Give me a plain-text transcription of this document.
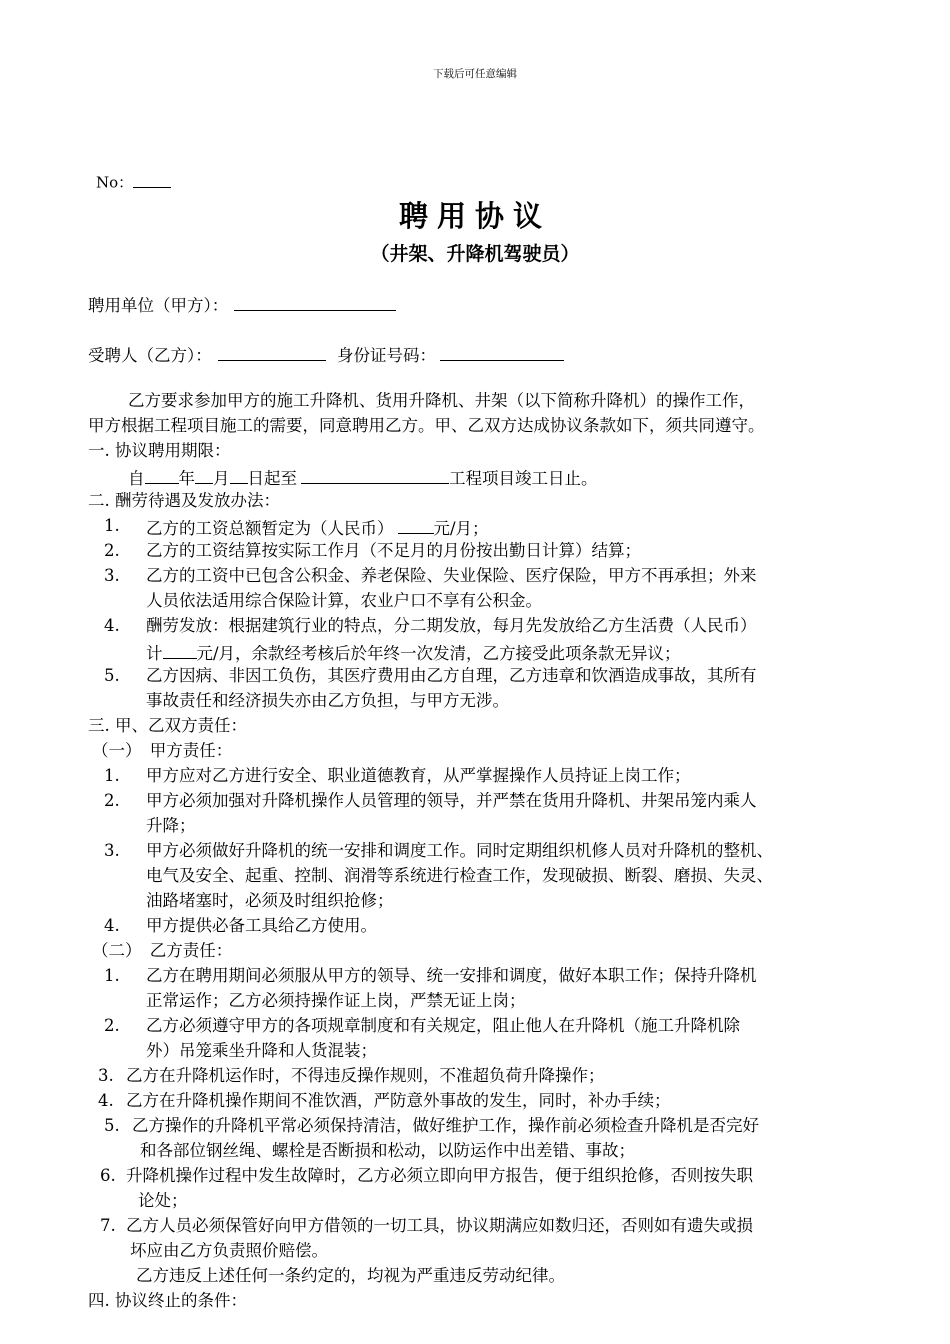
下载后可任意编辑
No：
聘用协议
（井架、升降机驾驶员）
聘用单位（甲方）：
受聘人（乙方）：	身份证号码：
乙方要求参加甲方的施工升降机、货用升降机、井架（以下简称升降机）的操作工作，
甲方根据工程项目施工的需要，同意聘用乙方。甲、乙双方达成协议条款如下，须共同遵守。
一. 协议聘用期限：
自 年 月 日起至	工程项目竣工日止。
二. 酬劳待遇及发放办法：
1. 乙方的工资总额暂定为（人民币） 元/月；
2. 乙方的工资结算按实际工作月（不足月的月份按出勤日计算）结算；
3. 乙方的工资中已包含公积金、养老保险、失业保险、医疗保险，甲方不再承担；外来
人员依法适用综合保险计算，农业户口不享有公积金。
4. 酬劳发放：根据建筑行业的特点，分二期发放，每月先发放给乙方生活费（人民币）
计 元/月，余款经考核后於年终一次发清，乙方接受此项条款无异议；
5. 乙方因病、非因工负伤，其医疗费用由乙方自理，乙方违章和饮酒造成事故，其所有
事故责任和经济损失亦由乙方负担，与甲方无涉。
三. 甲、乙双方责任：
（一）　甲方责任：
1. 甲方应对乙方进行安全、职业道德教育，从严掌握操作人员持证上岗工作；
2. 甲方必须加强对升降机操作人员管理的领导，并严禁在货用升降机、井架吊笼内乘人
升降；
3. 甲方必须做好升降机的统一安排和调度工作。同时定期组织机修人员对升降机的整机、
电气及安全、起重、控制、润滑等系统进行检查工作，发现破损、断裂、磨损、失灵、
油路堵塞时，必须及时组织抢修；
4. 甲方提供必备工具给乙方使用。
（二）　乙方责任：
1. 乙方在聘用期间必须服从甲方的领导、统一安排和调度，做好本职工作；保持升降机
正常运作；乙方必须持操作证上岗，严禁无证上岗；
2. 乙方必须遵守甲方的各项规章制度和有关规定，阻止他人在升降机（施工升降机除
外）吊笼乘坐升降和人货混装；
3. 乙方在升降机运作时，不得违反操作规则，不准超负荷升降操作；
4. 乙方在升降机操作期间不准饮酒，严防意外事故的发生，同时，补办手续；
5. 乙方操作的升降机平常必须保持清洁，做好维护工作，操作前必须检查升降机是否完好
和各部位钢丝绳、螺栓是否断损和松动，以防运作中出差错、事故；
6. 升降机操作过程中发生故障时，乙方必须立即向甲方报告，便于组织抢修，否则按失职
论处；
7. 乙方人员必须保管好向甲方借领的一切工具，协议期满应如数归还，否则如有遗失或损
坏应由乙方负责照价赔偿。
乙方违反上述任何一条约定的，均视为严重违反劳动纪律。
四. 协议终止的条件：
